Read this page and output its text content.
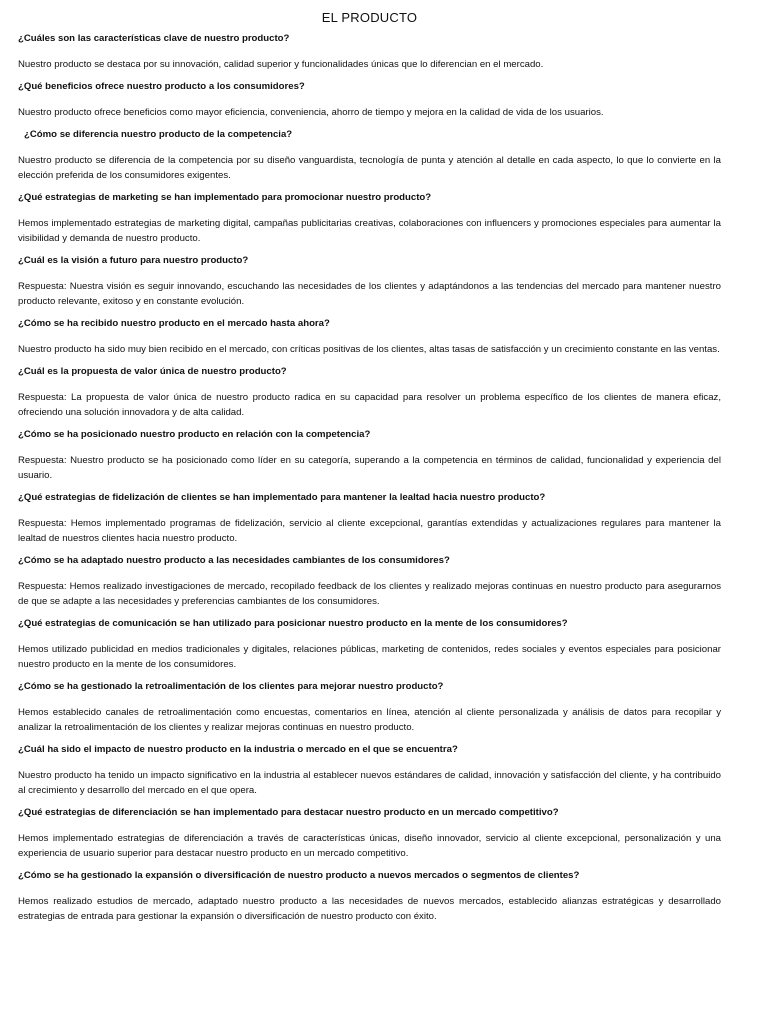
EL PRODUCTO

¿Cuáles son las características clave de nuestro producto?

Nuestro producto se destaca por su innovación, calidad superior y funcionalidades únicas que lo diferencian en el mercado.

¿Qué beneficios ofrece nuestro producto a los consumidores?

Nuestro producto ofrece beneficios como mayor eficiencia, conveniencia, ahorro de tiempo y mejora en la calidad de vida de los usuarios.

¿Cómo se diferencia nuestro producto de la competencia?

Nuestro producto se diferencia de la competencia por su diseño vanguardista, tecnología de punta y atención al detalle en cada aspecto, lo que lo convierte en la elección preferida de los consumidores exigentes.

¿Qué estrategias de marketing se han implementado para promocionar nuestro producto?

Hemos implementado estrategias de marketing digital, campañas publicitarias creativas, colaboraciones con influencers y promociones especiales para aumentar la visibilidad y demanda de nuestro producto.

¿Cuál es la visión a futuro para nuestro producto?

Respuesta: Nuestra visión es seguir innovando, escuchando las necesidades de los clientes y adaptándonos a las tendencias del mercado para mantener nuestro producto relevante, exitoso y en constante evolución.

¿Cómo se ha recibido nuestro producto en el mercado hasta ahora?

Nuestro producto ha sido muy bien recibido en el mercado, con críticas positivas de los clientes, altas tasas de satisfacción y un crecimiento constante en las ventas.

¿Cuál es la propuesta de valor única de nuestro producto?

Respuesta: La propuesta de valor única de nuestro producto radica en su capacidad para resolver un problema específico de los clientes de manera eficaz, ofreciendo una solución innovadora y de alta calidad.

¿Cómo se ha posicionado nuestro producto en relación con la competencia?

Respuesta: Nuestro producto se ha posicionado como líder en su categoría, superando a la competencia en términos de calidad, funcionalidad y experiencia del usuario.

¿Qué estrategias de fidelización de clientes se han implementado para mantener la lealtad hacia nuestro producto?

Respuesta: Hemos implementado programas de fidelización, servicio al cliente excepcional, garantías extendidas y actualizaciones regulares para mantener la lealtad de nuestros clientes hacia nuestro producto.

¿Cómo se ha adaptado nuestro producto a las necesidades cambiantes de los consumidores?

Respuesta: Hemos realizado investigaciones de mercado, recopilado feedback de los clientes y realizado mejoras continuas en nuestro producto para asegurarnos de que se adapte a las necesidades y preferencias cambiantes de los consumidores.

¿Qué estrategias de comunicación se han utilizado para posicionar nuestro producto en la mente de los consumidores?

Hemos utilizado publicidad en medios tradicionales y digitales, relaciones públicas, marketing de contenidos, redes sociales y eventos especiales para posicionar nuestro producto en la mente de los consumidores.

¿Cómo se ha gestionado la retroalimentación de los clientes para mejorar nuestro producto?

Hemos establecido canales de retroalimentación como encuestas, comentarios en línea, atención al cliente personalizada y análisis de datos para recopilar y analizar la retroalimentación de los clientes y realizar mejoras continuas en nuestro producto.

¿Cuál ha sido el impacto de nuestro producto en la industria o mercado en el que se encuentra?

Nuestro producto ha tenido un impacto significativo en la industria al establecer nuevos estándares de calidad, innovación y satisfacción del cliente, y ha contribuido al crecimiento y desarrollo del mercado en el que opera.

¿Qué estrategias de diferenciación se han implementado para destacar nuestro producto en un mercado competitivo?

Hemos implementado estrategias de diferenciación a través de características únicas, diseño innovador, servicio al cliente excepcional, personalización y una experiencia de usuario superior para destacar nuestro producto en un mercado competitivo.

¿Cómo se ha gestionado la expansión o diversificación de nuestro producto a nuevos mercados o segmentos de clientes?

Hemos realizado estudios de mercado, adaptado nuestro producto a las necesidades de nuevos mercados, establecido alianzas estratégicas y desarrollado estrategias de entrada para gestionar la expansión o diversificación de nuestro producto con éxito.
